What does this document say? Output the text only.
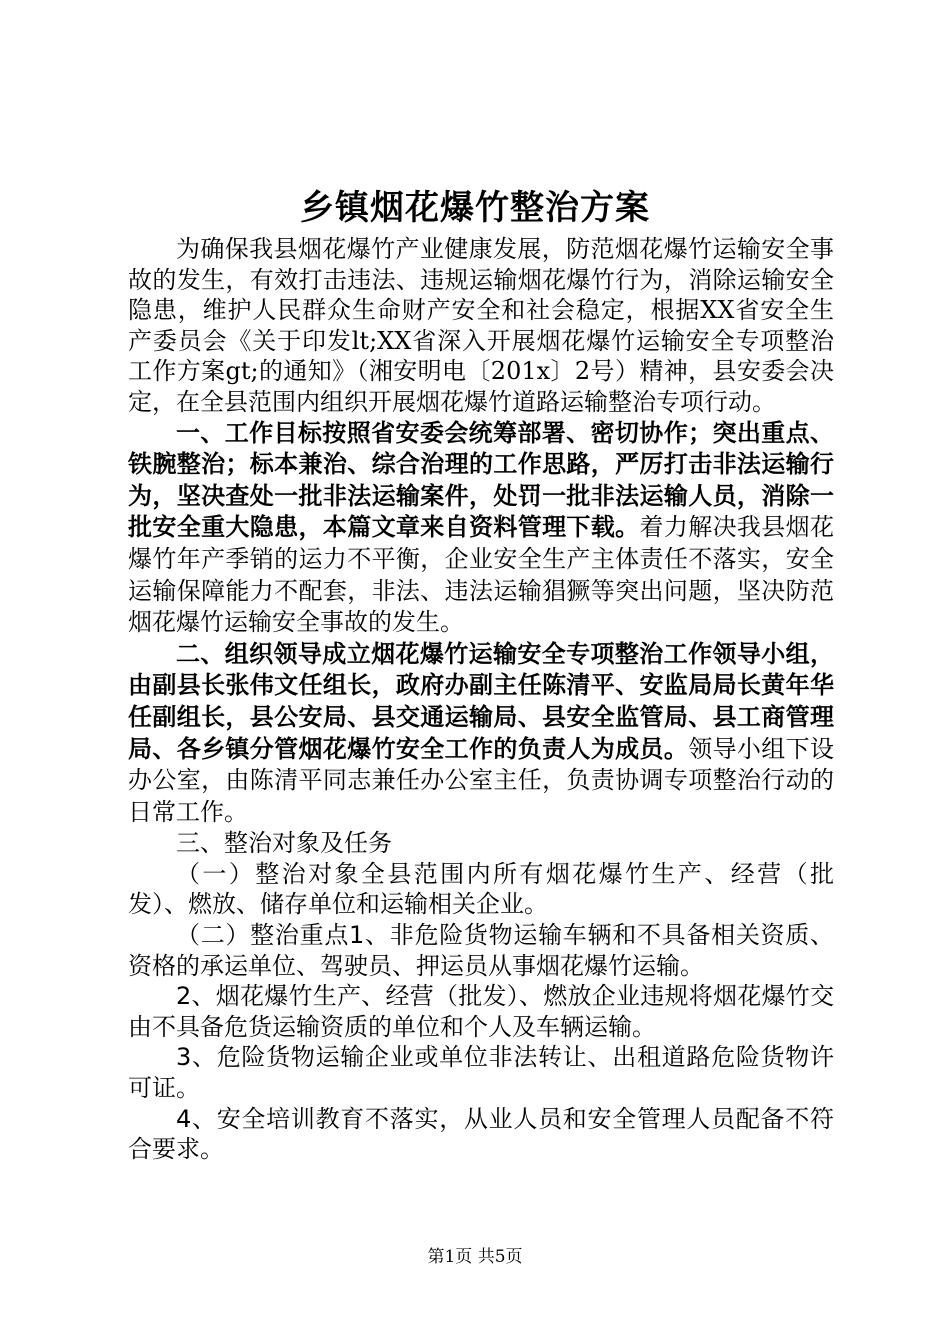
乡镇烟花爆竹整治方案

为确保我县烟花爆竹产业健康发展，防范烟花爆竹运输安全事故的发生，有效打击违法、违规运输烟花爆竹行为，消除运输安全隐患，维护人民群众生命财产安全和社会稳定，根据XX省安全生产委员会《关于印发lt;XX省深入开展烟花爆竹运输安全专项整治工作方案gt;的通知》（湘安明电〔201x〕2号）精神，县安委会决定，在全县范围内组织开展烟花爆竹道路运输整治专项行动。

一、工作目标按照省安委会统筹部署、密切协作；突出重点、铁腕整治；标本兼治、综合治理的工作思路，严厉打击非法运输行为，坚决查处一批非法运输案件，处罚一批非法运输人员，消除一批安全重大隐患，本篇文章来自资料管理下载。着力解决我县烟花爆竹年产季销的运力不平衡，企业安全生产主体责任不落实，安全运输保障能力不配套，非法、违法运输猖獗等突出问题，坚决防范烟花爆竹运输安全事故的发生。

二、组织领导成立烟花爆竹运输安全专项整治工作领导小组，由副县长张伟文任组长，政府办副主任陈清平、安监局局长黄年华任副组长，县公安局、县交通运输局、县安全监管局、县工商管理局、各乡镇分管烟花爆竹安全工作的负责人为成员。领导小组下设办公室，由陈清平同志兼任办公室主任，负责协调专项整治行动的日常工作。

三、整治对象及任务

（一）整治对象全县范围内所有烟花爆竹生产、经营（批发）、燃放、储存单位和运输相关企业。

（二）整治重点1、非危险货物运输车辆和不具备相关资质、资格的承运单位、驾驶员、押运员从事烟花爆竹运输。

2、烟花爆竹生产、经营（批发）、燃放企业违规将烟花爆竹交由不具备危货运输资质的单位和个人及车辆运输。

3、危险货物运输企业或单位非法转让、出租道路危险货物许可证。

4、安全培训教育不落实，从业人员和安全管理人员配备不符合要求。

第1页 共5页
